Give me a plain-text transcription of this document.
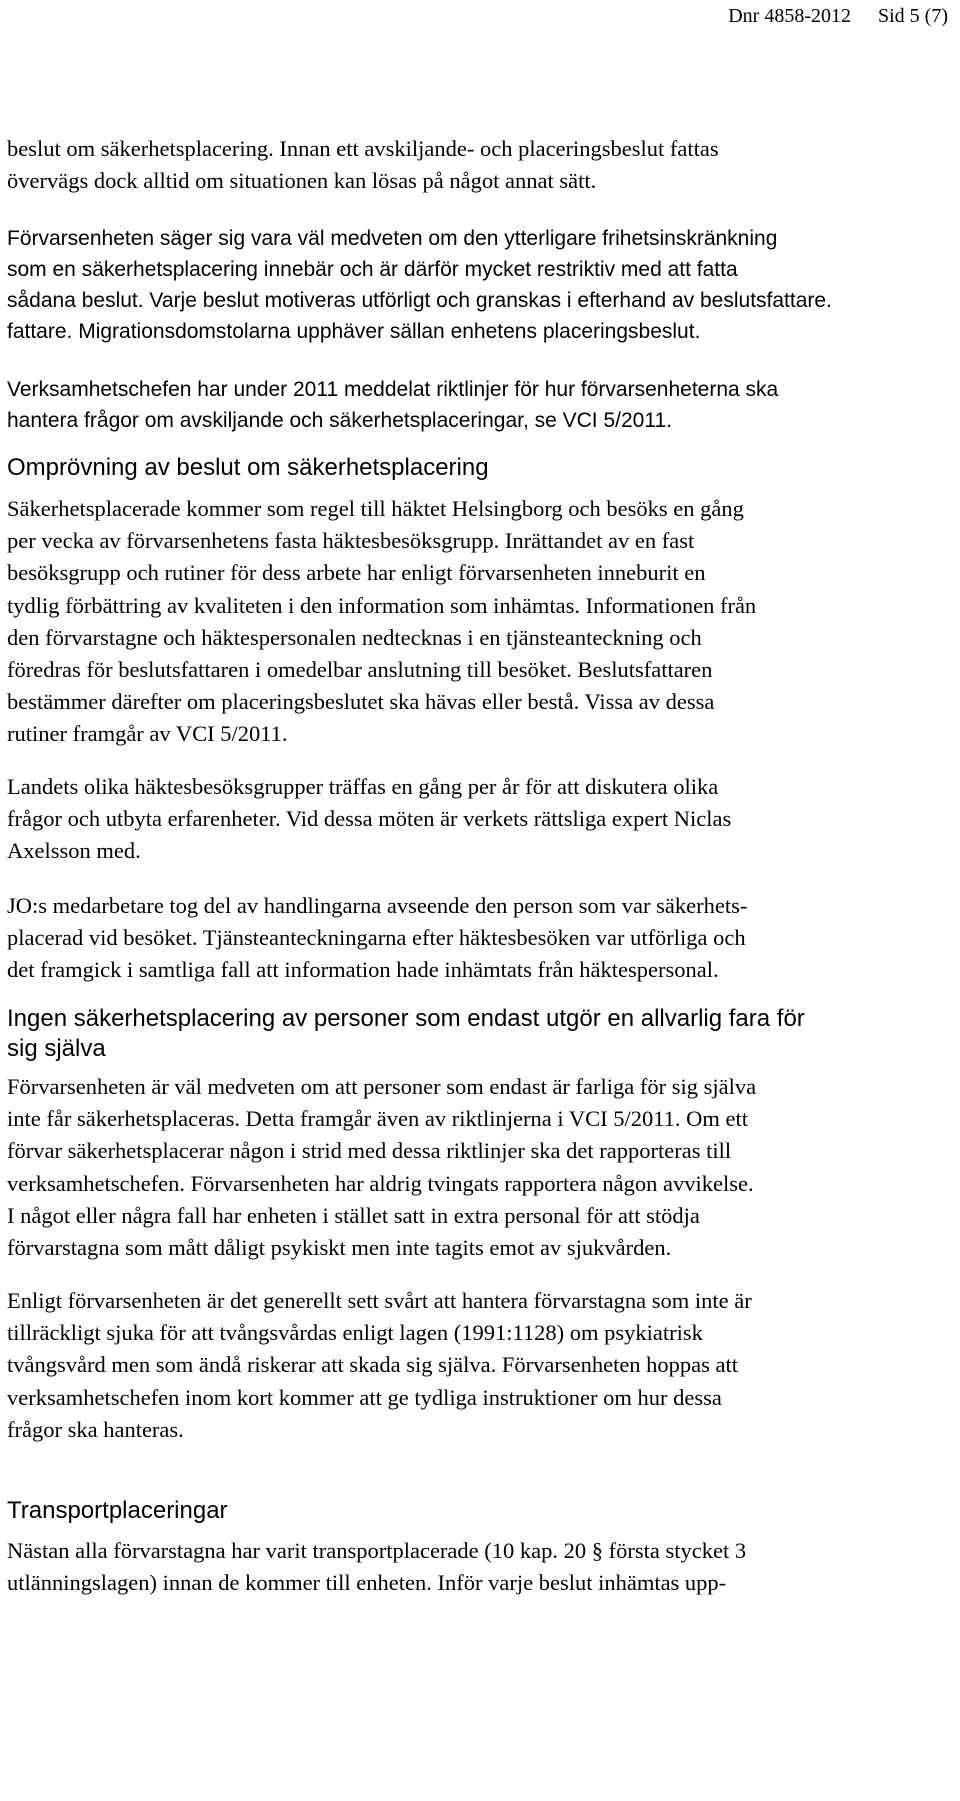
Dnr 4858-2012 Sid 5 (7)
beslut om säkerhetsplacering. Innan ett avskiljande- och placeringsbeslut fattas
övervägs dock alltid om situationen kan lösas på något annat sätt.
Förvarsenheten säger sig vara väl medveten om den ytterligare frihetsinskränkning
som en säkerhetsplacering innebär och är därför mycket restriktiv med att fatta
sådana beslut. Varje beslut motiveras utförligt och granskas i efterhand av beslutsfattare.
fattare. Migrationsdomstolarna upphäver sällan enhetens placeringsbeslut.
Verksamhetschefen har under 2011 meddelat riktlinjer för hur förvarsenheterna ska
hantera frågor om avskiljande och säkerhetsplaceringar, se VCI 5/2011.
Omprövning av beslut om säkerhetsplacering
Säkerhetsplacerade kommer som regel till häktet Helsingborg och besöks en gång
per vecka av förvarsenhetens fasta häktesbesöksgrupp. Inrättandet av en fast
besöksgrupp och rutiner för dess arbete har enligt förvarsenheten inneburit en
tydlig förbättring av kvaliteten i den information som inhämtas. Informationen från
den förvarstagne och häktespersonalen nedtecknas i en tjänsteanteckning och
föredras för beslutsfattaren i omedelbar anslutning till besöket. Beslutsfattaren
bestämmer därefter om placeringsbeslutet ska hävas eller bestå. Vissa av dessa
rutiner framgår av VCI 5/2011.
Landets olika häktesbesöksgrupper träffas en gång per år för att diskutera olika
frågor och utbyta erfarenheter. Vid dessa möten är verkets rättsliga expert Niclas
Axelsson med.
JO:s medarbetare tog del av handlingarna avseende den person som var säkerhets-
placerad vid besöket. Tjänsteanteckningarna efter häktesbesöken var utförliga och
det framgick i samtliga fall att information hade inhämtats från häktespersonal.
Ingen säkerhetsplacering av personer som endast utgör en allvarlig fara för
sig själva
Förvarsenheten är väl medveten om att personer som endast är farliga för sig själva
inte får säkerhetsplaceras. Detta framgår även av riktlinjerna i VCI 5/2011. Om ett
förvar säkerhetsplacerar någon i strid med dessa riktlinjer ska det rapporteras till
verksamhetschefen. Förvarsenheten har aldrig tvingats rapportera någon avvikelse.
I något eller några fall har enheten i stället satt in extra personal för att stödja
förvarstagna som mått dåligt psykiskt men inte tagits emot av sjukvården.
Enligt förvarsenheten är det generellt sett svårt att hantera förvarstagna som inte är
tillräckligt sjuka för att tvångsvårdas enligt lagen (1991:1128) om psykiatrisk
tvångsvård men som ändå riskerar att skada sig själva. Förvarsenheten hoppas att
verksamhetschefen inom kort kommer att ge tydliga instruktioner om hur dessa
frågor ska hanteras.
Transportplaceringar
Nästan alla förvarstagna har varit transportplacerade (10 kap. 20 § första stycket 3
utlänningslagen) innan de kommer till enheten. Inför varje beslut inhämtas upp-
